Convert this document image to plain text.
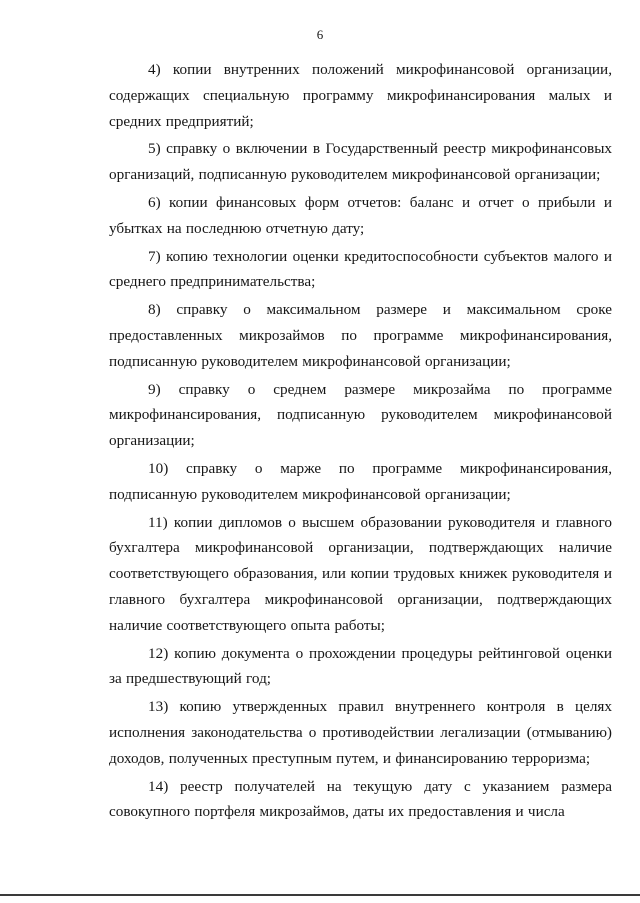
6

4) копии внутренних положений микрофинансовой организации, содержащих специальную программу микрофинансирования малых и средних предприятий;

5) справку о включении в Государственный реестр микрофинансовых организаций, подписанную руководителем микрофинансовой организации;

6) копии финансовых форм отчетов: баланс и отчет о прибыли и убытках на последнюю отчетную дату;

7) копию технологии оценки кредитоспособности субъектов малого и среднего предпринимательства;

8) справку о максимальном размере и максимальном сроке предоставленных микрозаймов по программе микрофинансирования, подписанную руководителем микрофинансовой организации;

9) справку о среднем размере микрозайма по программе микрофинансирования, подписанную руководителем микрофинансовой организации;

10) справку о марже по программе микрофинансирования, подписанную руководителем микрофинансовой организации;

11) копии дипломов о высшем образовании руководителя и главного бухгалтера микрофинансовой организации, подтверждающих наличие соответствующего образования, или копии трудовых книжек руководителя и главного бухгалтера микрофинансовой организации, подтверждающих наличие соответствующего опыта работы;

12) копию документа о прохождении процедуры рейтинговой оценки за предшествующий год;

13) копию утвержденных правил внутреннего контроля в целях исполнения законодательства о противодействии легализации (отмыванию) доходов, полученных преступным путем, и финансированию терроризма;

14) реестр получателей на текущую дату с указанием размера совокупного портфеля микрозаймов, даты их предоставления и числа
